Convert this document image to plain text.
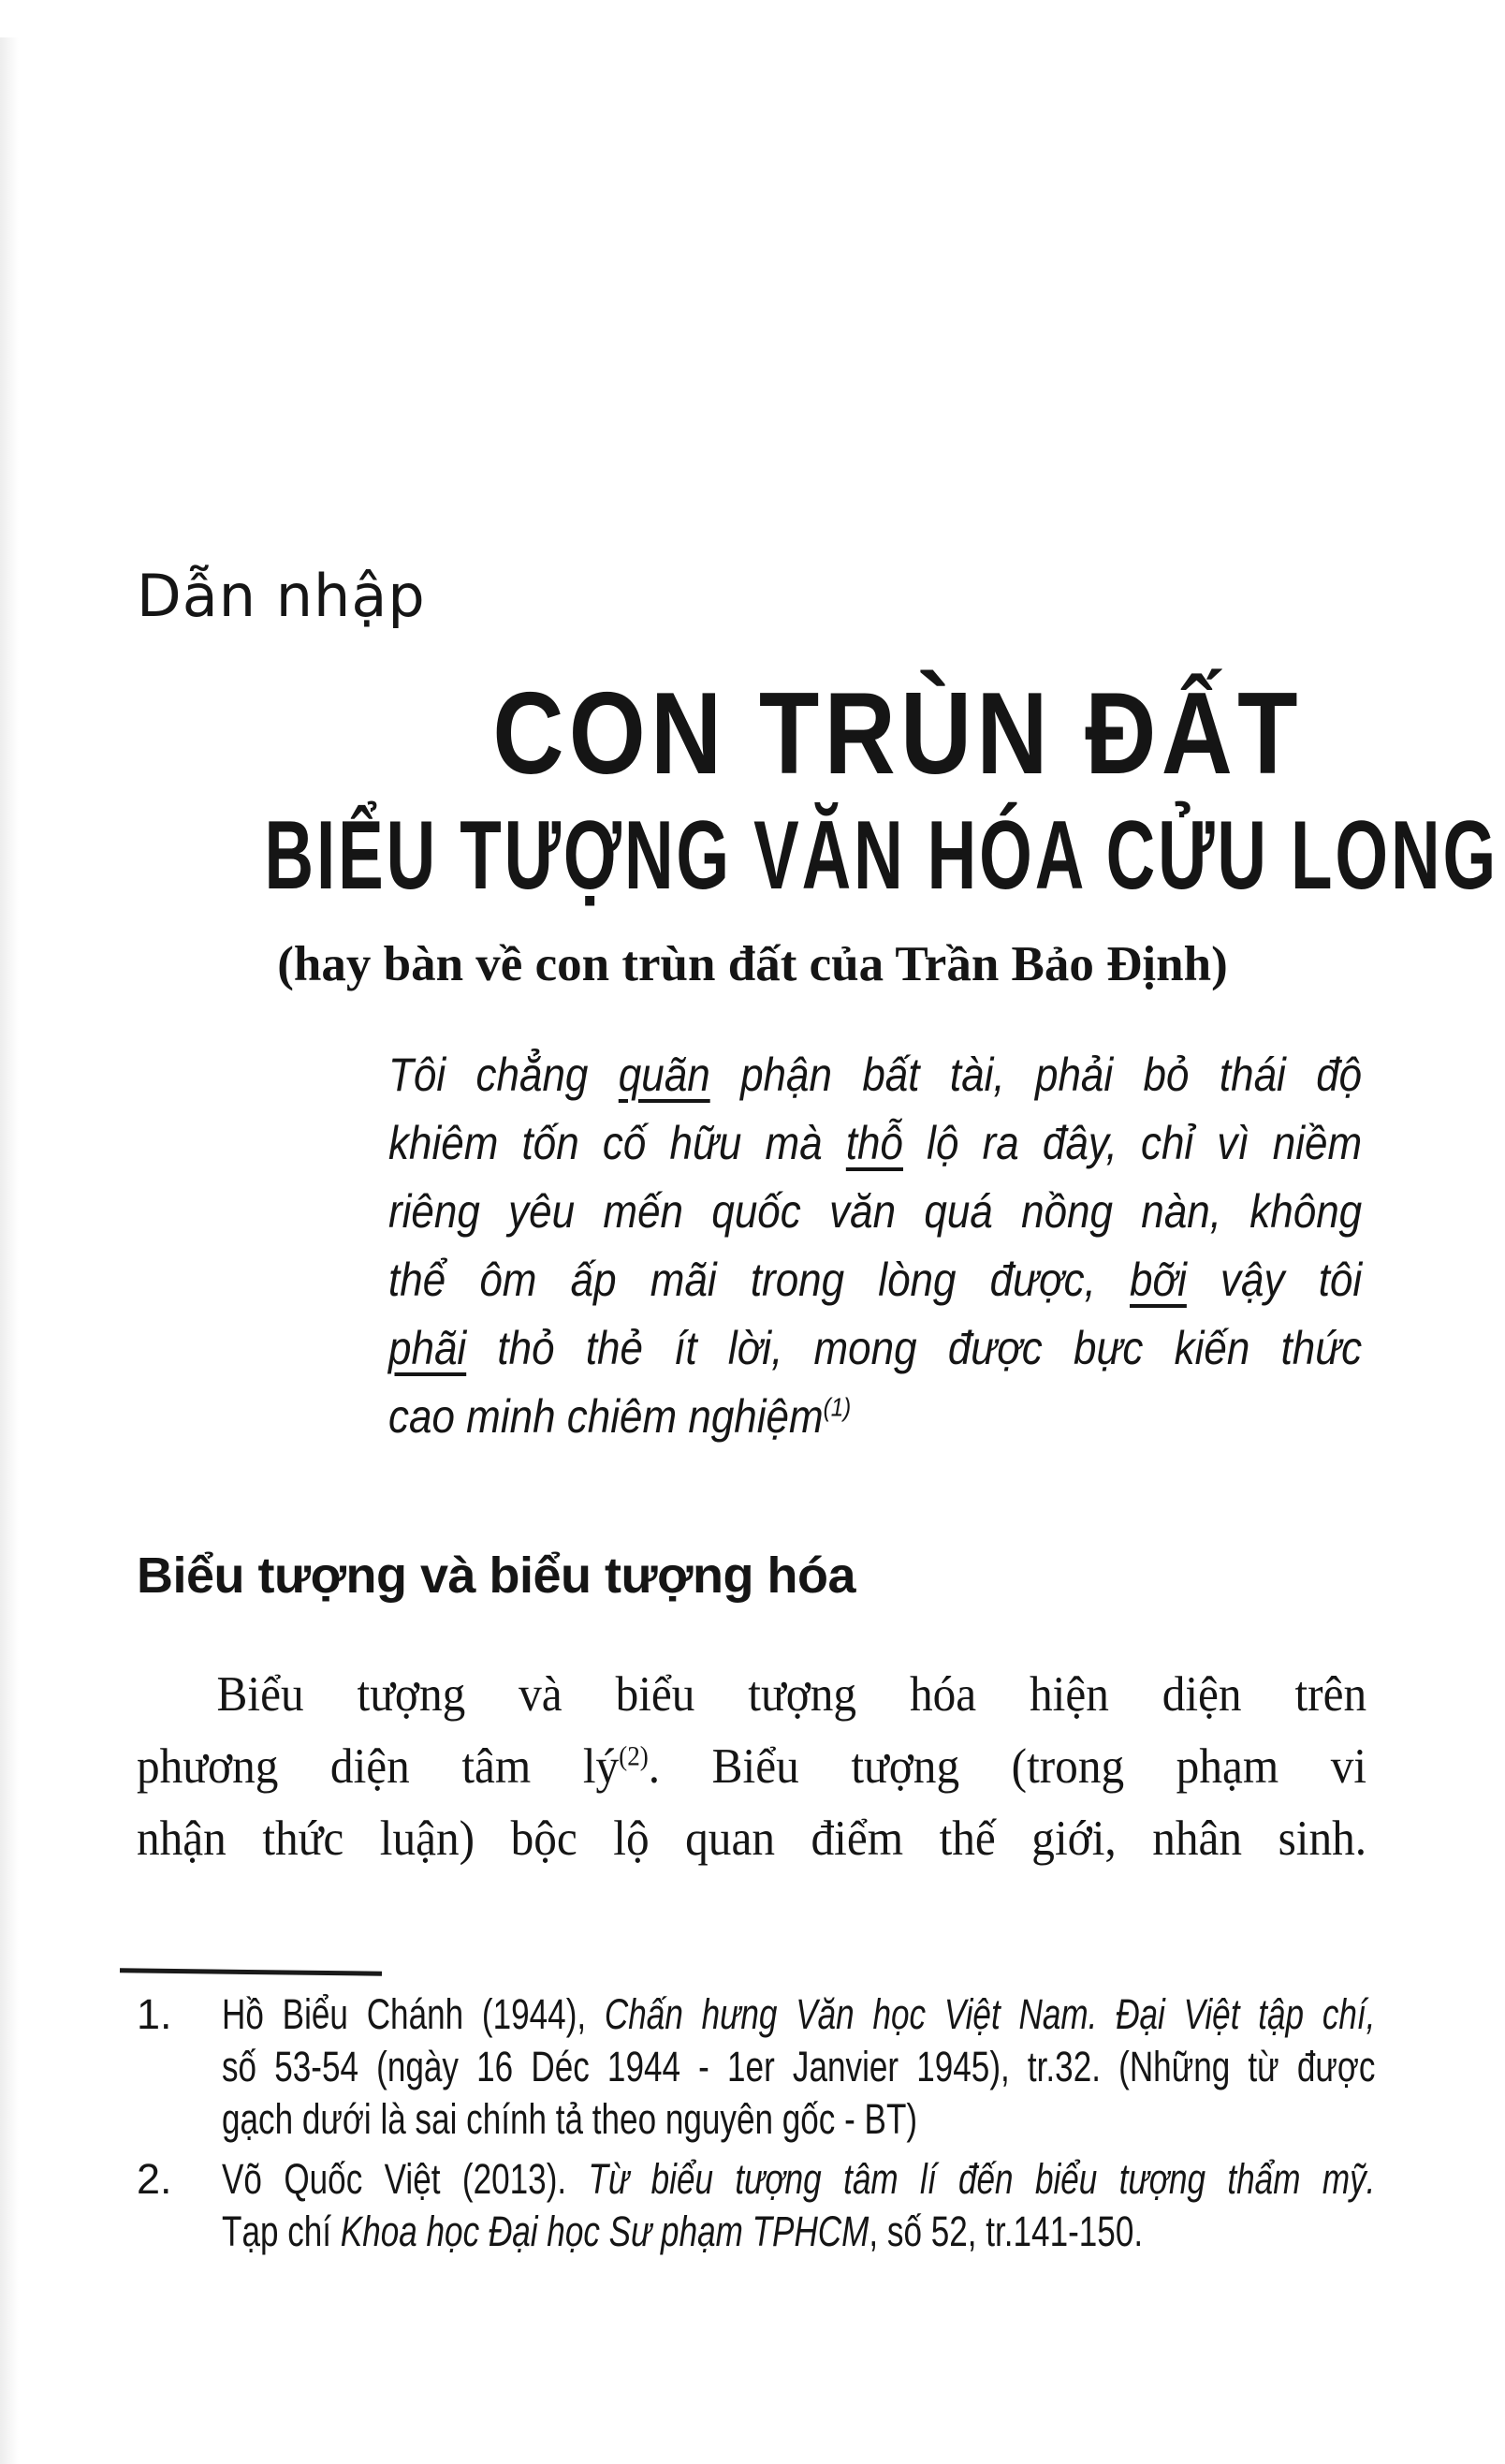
Dẫn nhập
CON TRÙN ĐẤT
BIỂU TƯỢNG VĂN HÓA CỬU LONG
(hay bàn về con trùn đất của Trần Bảo Định)
Tôi chẳng quãn phận bất tài, phải bỏ thái độ
khiêm tốn cố hữu mà thỗ lộ ra đây, chỉ vì niềm
riêng yêu mến quốc văn quá nồng nàn, không
thể ôm ấp mãi trong lòng được, bỡi vậy tôi
phãi thỏ thẻ ít lời, mong được bực kiến thức
cao minh chiêm nghiệm$^{(1)}$
Biểu tượng và biểu tượng hóa
Biểu tượng và biểu tượng hóa hiện diện trên
phương diện tâm $lý^{(2)}$. Biểu tượng (trong phạm vi
nhận thức luận) bộc lộ quan điểm thế giới, nhân sinh.
1. Hồ Biểu Chánh (1944), Chấn hưng Văn học Việt Nam. Đại Việt tập chí,
số 53-54 (ngày 16 Déc 1944 - 1er Janvier 1945), tr.32. (Những từ được
gạch dưới là sai chính tả theo nguyên gốc - BT)
2. Võ Quốc Việt (2013). Từ biểu tượng tâm lí đến biểu tượng thẩm mỹ.
Tạp chí Khoa học Đại học Sư phạm TPHCM, số 52, tr.141-150.
